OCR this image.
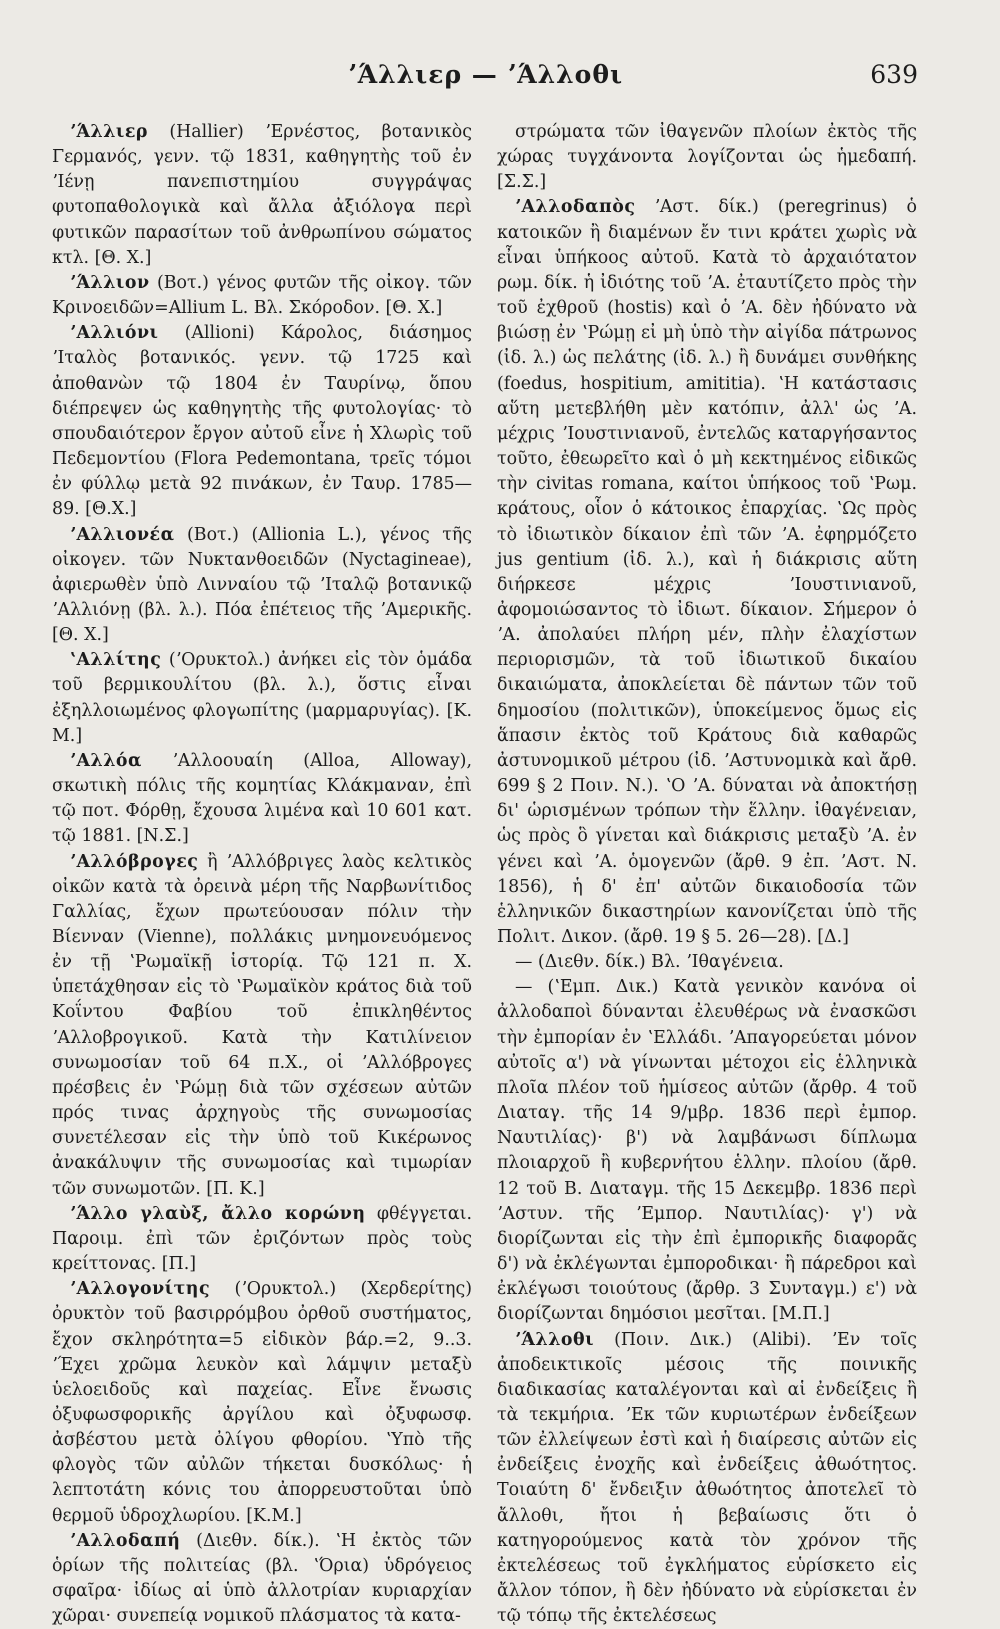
ʼΆλλιερ — ʼΆλλοθι	639

ʼΆλλιερ (Hallier) ʼΕρνέστος, βοτανικὸς Γερμανός, γενν. τῷ 1831, καθηγητὴς τοῦ ἐν ʼΙένῃ πανεπιστημίου συγγράψας φυτοπαθολογικὰ καὶ ἄλλα ἀξιόλογα περὶ φυτικῶν παρασίτων τοῦ ἀνθρωπίνου σώματος κτλ. [Θ. Χ.]

ʼΆλλιον (Βοτ.) γένος φυτῶν τῆς οἰκογ. τῶν Κρινοειδῶν=Allium L. Βλ. Σκόροδον. [Θ. Χ.]

ʼΑλλιόνι (Allioni) Κάρολος, διάσημος ʼΙταλὸς βοτανικός. γενν. τῷ 1725 καὶ ἀποθανὼν τῷ 1804 ἐν Ταυρίνῳ, ὅπου διέπρεψεν ὡς καθηγητὴς τῆς φυτολογίας· τὸ σπουδαιότερον ἔργον αὐτοῦ εἶνε ἡ Χλωρὶς τοῦ Πεδεμοντίου (Flora Pedemontana, τρεῖς τόμοι ἐν φύλλῳ μετὰ 92 πινάκων, ἐν Ταυρ. 1785—89. [Θ.Χ.]

ʼΑλλιονέα (Βοτ.) (Allionia L.), γένος τῆς οἰκογεν. τῶν Νυκτανθοειδῶν (Nyctagineae), ἀφιερωθὲν ὑπὸ Λινναίου τῷ ʼΙταλῷ βοτανικῷ ʼΑλλιόνῃ (βλ. λ.). Πόα ἐπέτειος τῆς ʼΑμερικῆς. [Θ. Χ.]

ʽΑλλίτης (ʼΟρυκτολ.) ἀνήκει εἰς τὸν ὁμάδα τοῦ βερμικουλίτου (βλ. λ.), ὅστις εἶναι ἐξηλλοιωμένος φλογωπίτης (μαρμαρυγίας). [Κ. Μ.]

ʼΑλλόα ʼΑλλοουαίη (Alloa, Alloway), σκωτικὴ πόλις τῆς κομητίας Κλάκμαναν, ἐπὶ τῷ ποτ. Φόρθῃ, ἔχουσα λιμένα καὶ 10 601 κατ. τῷ 1881. [Ν.Σ.]

ʼΑλλόβρογες ἢ ʼΑλλόβριγες λαὸς κελτικὸς οἰκῶν κατὰ τὰ ὀρεινὰ μέρη τῆς Ναρβωνίτιδος Γαλλίας, ἔχων πρωτεύουσαν πόλιν τὴν Βίενναν (Vienne), πολλάκις μνημονευόμενος ἐν τῇ ʽΡωμαϊκῇ ἱστορίᾳ. Τῷ 121 π. Χ. ὑπετάχθησαν εἰς τὸ ʽΡωμαϊκὸν κράτος διὰ τοῦ Κοΐντου Φαβίου τοῦ ἐπικληθέντος ʼΑλλοβρογικοῦ. Κατὰ τὴν Κατιλίνειον συνωμοσίαν τοῦ 64 π.Χ., οἱ ʼΑλλόβρογες πρέσβεις ἐν ʽΡώμῃ διὰ τῶν σχέσεων αὐτῶν πρός τινας ἀρχηγοὺς τῆς συνωμοσίας συνετέλεσαν εἰς τὴν ὑπὸ τοῦ Κικέρωνος ἀνακάλυψιν τῆς συνωμοσίας καὶ τιμωρίαν τῶν συνωμοτῶν. [Π. Κ.]

ʼΆλλο γλαὺξ, ἄλλο κορώνη φθέγγεται. Παροιμ. ἐπὶ τῶν ἐριζόντων πρὸς τοὺς κρείττονας. [Π.]

ʼΑλλογονίτης (ʼΟρυκτολ.) (Χερδερίτης) ὀρυκτὸν τοῦ βασιρρόμβου ὀρθοῦ συστήματος, ἔχον σκληρότητα=5 εἰδικὸν βάρ.=2, 9..3. ʼΈχει χρῶμα λευκὸν καὶ λάμψιν μεταξὺ ὑελοειδοῦς καὶ παχείας. Εἶνε ἔνωσις ὀξυφωσφορικῆς ἀργίλου καὶ ὀξυφωσφ. ἀσβέστου μετὰ ὀλίγου φθορίου. ʽΥπὸ τῆς φλογὸς τῶν αὐλῶν τήκεται δυσκόλως· ἡ λεπτοτάτη κόνις του ἀπορρευστοῦται ὑπὸ θερμοῦ ὑδροχλωρίου. [Κ.Μ.]

ʼΑλλοδαπή (Διεθν. δίκ.). ʽΗ ἐκτὸς τῶν ὁρίων τῆς πολιτείας (βλ. ʽΌρια) ὑδρόγειος σφαῖρα· ἰδίως αἱ ὑπὸ ἀλλοτρίαν κυριαρχίαν χῶραι· συνεπείᾳ νομικοῦ πλάσματος τὰ κατα-

στρώματα τῶν ἰθαγενῶν πλοίων ἐκτὸς τῆς χώρας τυγχάνοντα λογίζονται ὡς ἡμεδαπή. [Σ.Σ.]

ʼΑλλοδαπὸς ʼΑστ. δίκ.) (peregrinus) ὁ κατοικῶν ἢ διαμένων ἔν τινι κράτει χωρὶς νὰ εἶναι ὑπήκοος αὐτοῦ. Κατὰ τὸ ἀρχαιότατον ρωμ. δίκ. ἡ ἰδιότης τοῦ ʼΑ. ἐταυτίζετο πρὸς τὴν τοῦ ἐχθροῦ (hostis) καὶ ὁ ʼΑ. δὲν ἠδύνατο νὰ βιώσῃ ἐν ʽΡώμῃ εἰ μὴ ὑπὸ τὴν αἰγίδα πάτρωνος (ἰδ. λ.) ὡς πελάτης (ἰδ. λ.) ἢ δυνάμει συνθήκης (foedus, hospitium, amititia). ʽΗ κατάστασις αὕτη μετεβλήθη μὲν κατόπιν, ἀλλ' ὡς ʼΑ. μέχρις ʼΙουστινιανοῦ, ἐντελῶς καταργήσαντος τοῦτο, ἐθεωρεῖτο καὶ ὁ μὴ κεκτημένος εἰδικῶς τὴν civitas romana, καίτοι ὑπήκοος τοῦ ʽΡωμ. κράτους, οἷον ὁ κάτοικος ἐπαρχίας. ʽΩς πρὸς τὸ ἰδιωτικὸν δίκαιον ἐπὶ τῶν ʼΑ. ἐφηρμόζετο jus gentium (ἰδ. λ.), καὶ ἡ διάκρισις αὕτη διήρκεσε μέχρις ʼΙουστινιανοῦ, ἀφομοιώσαντος τὸ ἰδιωτ. δίκαιον. Σήμερον ὁ ʼΑ. ἀπολαύει πλήρη μέν, πλὴν ἐλαχίστων περιορισμῶν, τὰ τοῦ ἰδιωτικοῦ δικαίου δικαιώματα, ἀποκλείεται δὲ πάντων τῶν τοῦ δημοσίου (πολιτικῶν), ὑποκείμενος ὅμως εἰς ἅπασιν ἐκτὸς τοῦ Κράτους διὰ καθαρῶς ἀστυνομικοῦ μέτρου (ἰδ. ʼΑστυνομικὰ καὶ ἄρθ. 699 § 2 Ποιν. Ν.). ʽΟ ʼΑ. δύναται νὰ ἀποκτήσῃ δι' ὡρισμένων τρόπων τὴν ἕλλην. ἰθαγένειαν, ὡς πρὸς ὃ γίνεται καὶ διάκρισις μεταξὺ ʼΑ. ἐν γένει καὶ ʼΑ. ὁμογενῶν (ἄρθ. 9 ἐπ. ʼΑστ. Ν. 1856), ἡ δ' ἐπ' αὐτῶν δικαιοδοσία τῶν ἑλληνικῶν δικαστηρίων κανονίζεται ὑπὸ τῆς Πολιτ. Δικον. (ἄρθ. 19 § 5. 26—28). [Δ.]

— (Διεθν. δίκ.) Βλ. ʼΙθαγένεια.

— (ʽΕμπ. Δικ.) Κατὰ γενικὸν κανόνα οἱ ἀλλοδαποὶ δύνανται ἐλευθέρως νὰ ἐνασκῶσι τὴν ἐμπορίαν ἐν ʽΕλλάδι. ʼΑπαγορεύεται μόνον αὐτοῖς α') νὰ γίνωνται μέτοχοι εἰς ἑλληνικὰ πλοῖα πλέον τοῦ ἡμίσεος αὐτῶν (ἄρθρ. 4 τοῦ Διαταγ. τῆς 14 9/μβρ. 1836 περὶ ἐμπορ. Ναυτιλίας)· β') νὰ λαμβάνωσι δίπλωμα πλοιαρχοῦ ἢ κυβερνήτου ἑλλην. πλοίου (ἄρθ. 12 τοῦ Β. Διαταγμ. τῆς 15 Δεκεμβρ. 1836 περὶ ʼΑστυν. τῆς ʼΕμπορ. Ναυτιλίας)· γ') νὰ διορίζωνται εἰς τὴν ἐπὶ ἐμπορικῆς διαφορᾶς δ') νὰ ἐκλέγωνται ἐμποροδικαι· ἢ πάρεδροι καὶ ἐκλέγωσι τοιούτους (ἄρθρ. 3 Συνταγμ.) ε') νὰ διορίζωνται δημόσιοι μεσῖται. [Μ.Π.]

ʼΆλλοθι (Ποιν. Δικ.) (Alibi). ʼΕν τοῖς ἀποδεικτικοῖς μέσοις τῆς ποινικῆς διαδικασίας καταλέγονται καὶ αἱ ἐνδείξεις ἢ τὰ τεκμήρια. ʼΕκ τῶν κυριωτέρων ἐνδείξεων τῶν ἐλλείψεων ἐστὶ καὶ ἡ διαίρεσις αὐτῶν εἰς ἐνδείξεις ἐνοχῆς καὶ ἐνδείξεις ἀθωότητος. Τοιαύτη δ' ἔνδειξιν ἀθωότητος ἀποτελεῖ τὸ ἄλλοθι, ἤτοι ἡ βεβαίωσις ὅτι ὁ κατηγορούμενος κατὰ τὸν χρόνον τῆς ἐκτελέσεως τοῦ ἐγκλήματος εὑρίσκετο εἰς ἄλλον τόπον, ἢ δὲν ἠδύνατο νὰ εὑρίσκεται ἐν τῷ τόπῳ τῆς ἐκτελέσεως
